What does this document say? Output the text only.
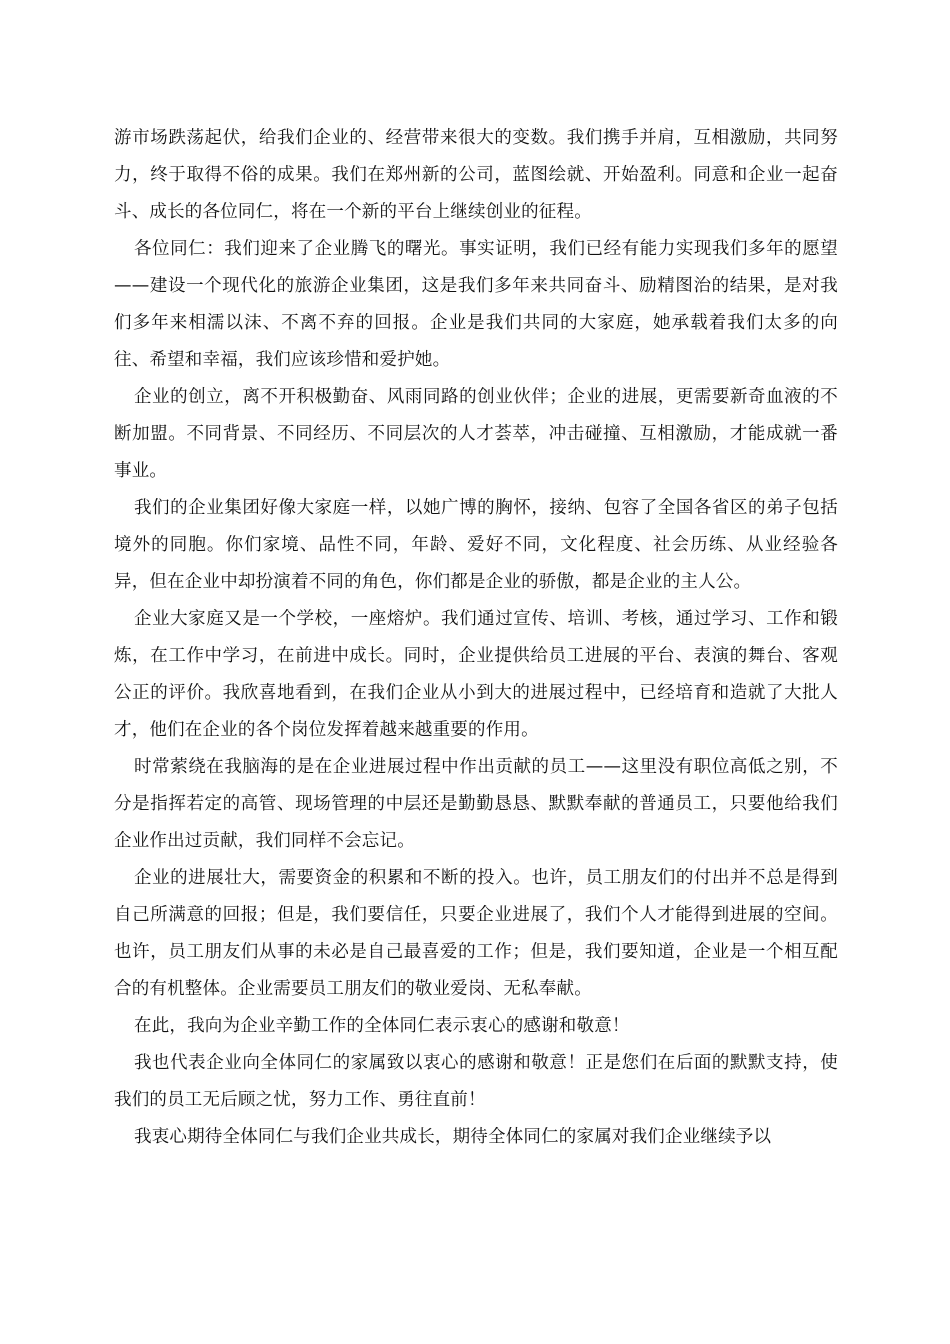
游市场跌荡起伏，给我们企业的、经营带来很大的变数。我们携手并肩，互相激励，共同努力，终于取得不俗的成果。我们在郑州新的公司，蓝图绘就、开始盈利。同意和企业一起奋斗、成长的各位同仁，将在一个新的平台上继续创业的征程。

各位同仁：我们迎来了企业腾飞的曙光。事实证明，我们已经有能力实现我们多年的愿望——建设一个现代化的旅游企业集团，这是我们多年来共同奋斗、励精图治的结果，是对我们多年来相濡以沫、不离不弃的回报。企业是我们共同的大家庭，她承载着我们太多的向往、希望和幸福，我们应该珍惜和爱护她。

企业的创立，离不开积极勤奋、风雨同路的创业伙伴；企业的进展，更需要新奇血液的不断加盟。不同背景、不同经历、不同层次的人才荟萃，冲击碰撞、互相激励，才能成就一番事业。

我们的企业集团好像大家庭一样，以她广博的胸怀，接纳、包容了全国各省区的弟子包括境外的同胞。你们家境、品性不同，年龄、爱好不同，文化程度、社会历练、从业经验各异，但在企业中却扮演着不同的角色，你们都是企业的骄傲，都是企业的主人公。

企业大家庭又是一个学校，一座熔炉。我们通过宣传、培训、考核，通过学习、工作和锻炼，在工作中学习，在前进中成长。同时，企业提供给员工进展的平台、表演的舞台、客观公正的评价。我欣喜地看到，在我们企业从小到大的进展过程中，已经培育和造就了大批人才，他们在企业的各个岗位发挥着越来越重要的作用。

时常萦绕在我脑海的是在企业进展过程中作出贡献的员工——这里没有职位高低之别，不分是指挥若定的高管、现场管理的中层还是勤勤恳恳、默默奉献的普通员工，只要他给我们企业作出过贡献，我们同样不会忘记。

企业的进展壮大，需要资金的积累和不断的投入。也许，员工朋友们的付出并不总是得到自己所满意的回报；但是，我们要信任，只要企业进展了，我们个人才能得到进展的空间。也许，员工朋友们从事的未必是自己最喜爱的工作；但是，我们要知道，企业是一个相互配合的有机整体。企业需要员工朋友们的敬业爱岗、无私奉献。

在此，我向为企业辛勤工作的全体同仁表示衷心的感谢和敬意！

我也代表企业向全体同仁的家属致以衷心的感谢和敬意！正是您们在后面的默默支持，使我们的员工无后顾之忧，努力工作、勇往直前！

我衷心期待全体同仁与我们企业共成长，期待全体同仁的家属对我们企业继续予以
